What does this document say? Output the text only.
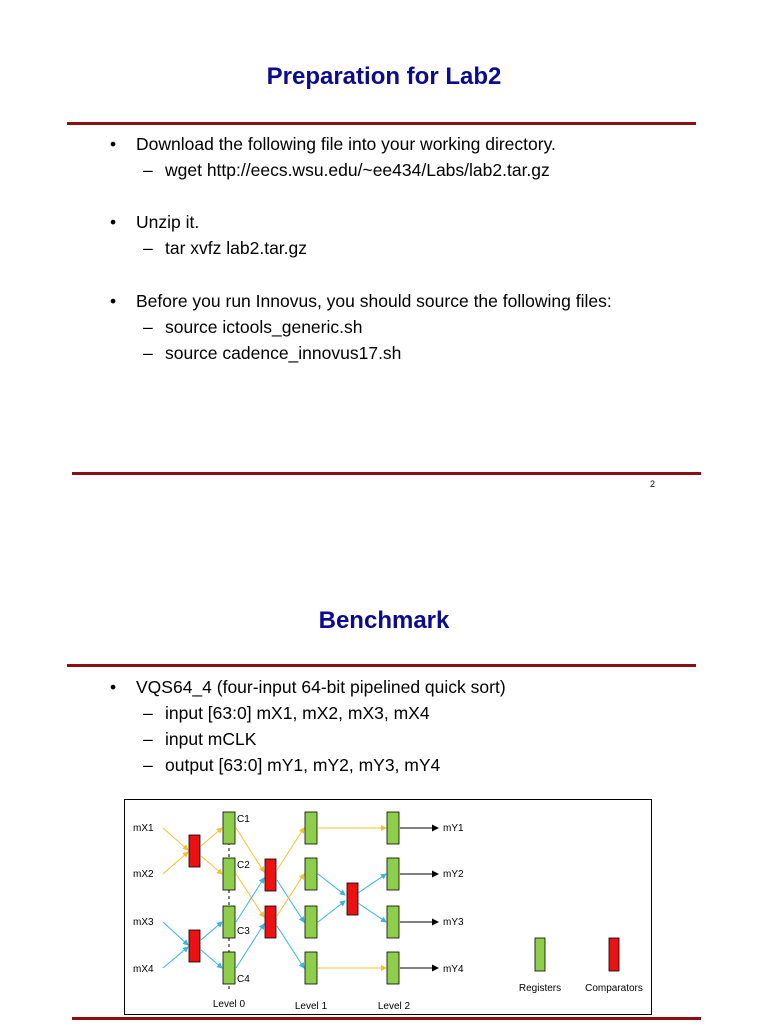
Preparation for Lab2
• Download the following file into your working directory.
– wget http://eecs.wsu.edu/~ee434/Labs/lab2.tar.gz
• Unzip it.
– tar xvfz lab2.tar.gz
• Before you run Innovus, you should source the following files:
– source ictools_generic.sh
– source cadence_innovus17.sh
2
Benchmark
• VQS64_4 (four-input 64-bit pipelined quick sort)
– input [63:0] mX1, mX2, mX3, mX4
– input mCLK
– output [63:0] mY1, mY2, mY3, mY4
mX1
mX2
mX3
mX4
C1
C2
C3
C4
mY1
mY2
mY3
mY4
Level 0	Level 1	Level 2
Registers Comparators
